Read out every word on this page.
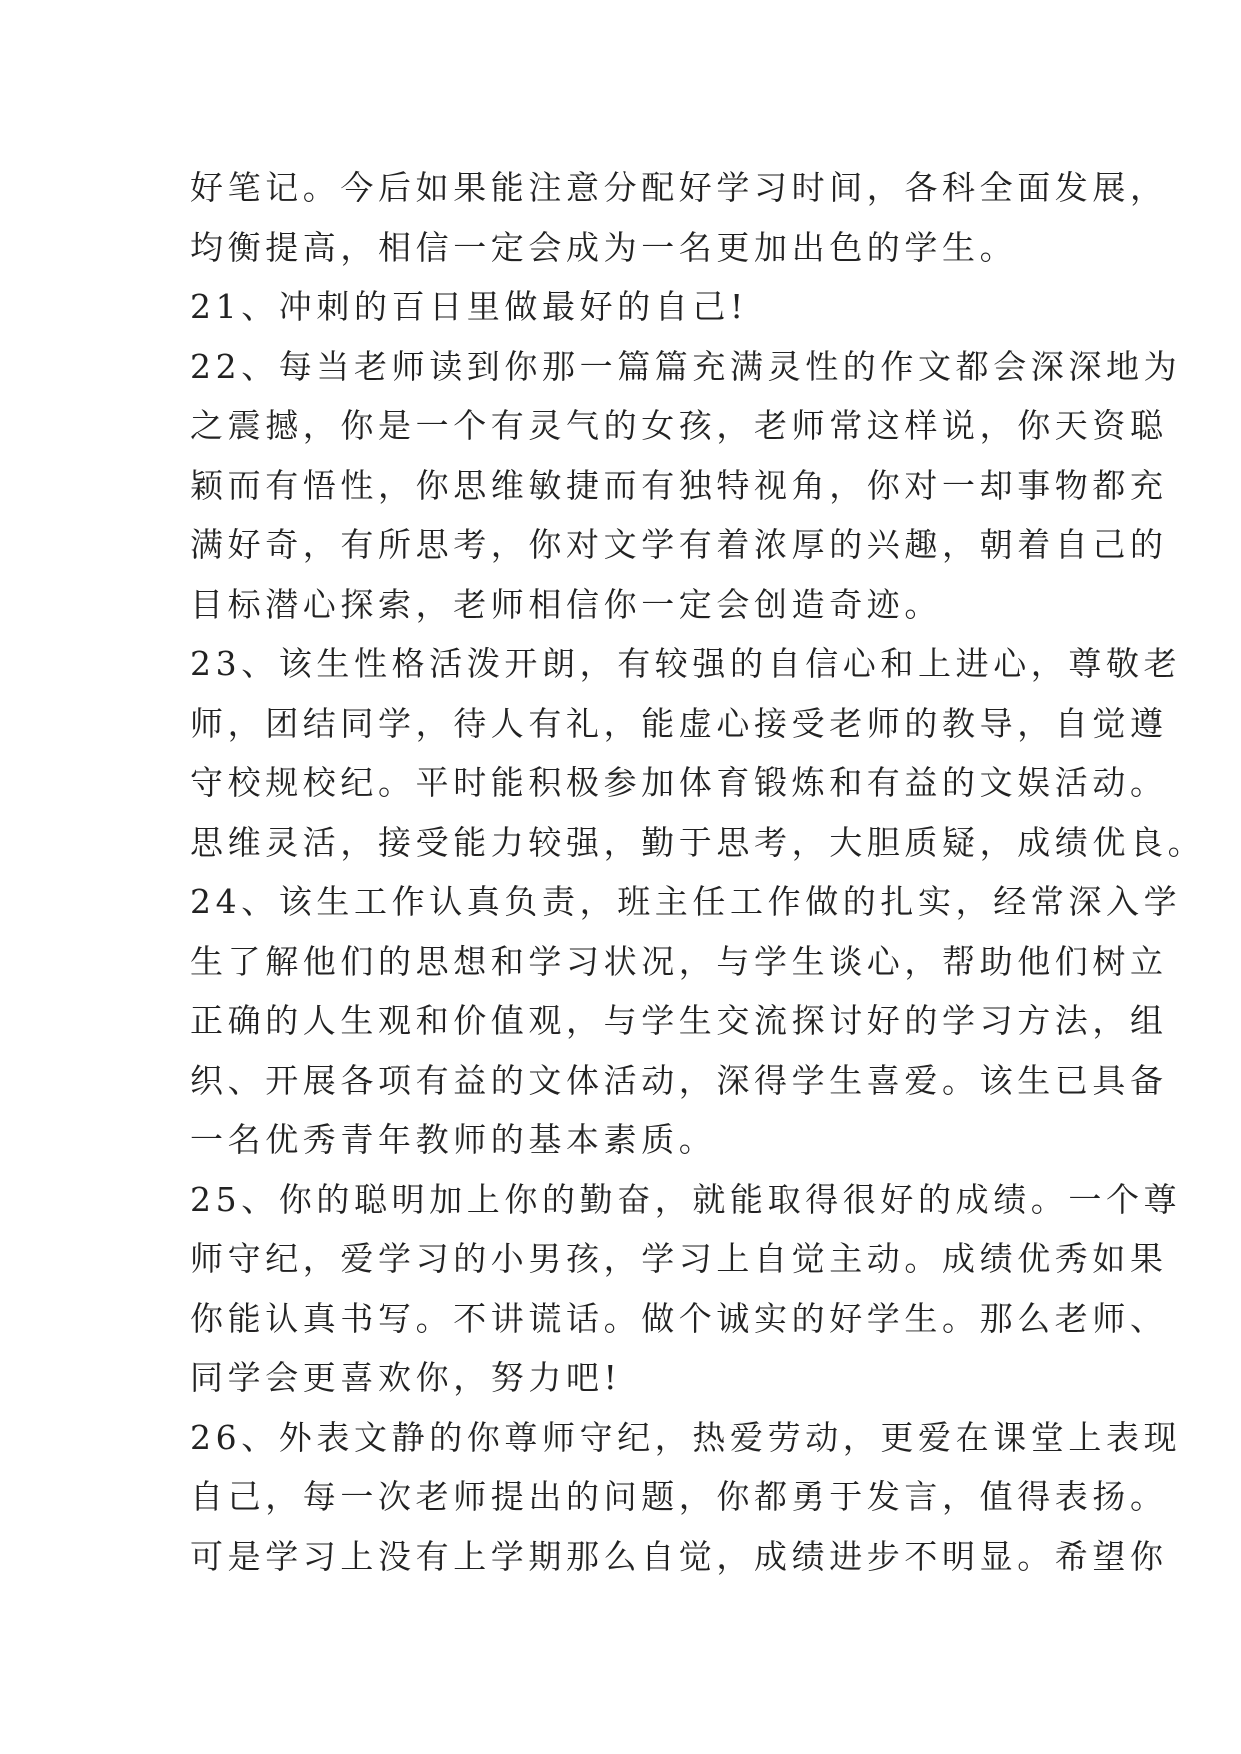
好笔记。今后如果能注意分配好学习时间，各科全面发展，
均衡提高，相信一定会成为一名更加出色的学生。
21、冲刺的百日里做最好的自己!
22、每当老师读到你那一篇篇充满灵性的作文都会深深地为
之震撼，你是一个有灵气的女孩，老师常这样说，你天资聪
颖而有悟性，你思维敏捷而有独特视角，你对一却事物都充
满好奇，有所思考，你对文学有着浓厚的兴趣，朝着自己的
目标潜心探索，老师相信你一定会创造奇迹。
23、该生性格活泼开朗，有较强的自信心和上进心，尊敬老
师，团结同学，待人有礼，能虚心接受老师的教导，自觉遵
守校规校纪。平时能积极参加体育锻炼和有益的文娱活动。
思维灵活，接受能力较强，勤于思考，大胆质疑，成绩优良。
24、该生工作认真负责，班主任工作做的扎实，经常深入学
生了解他们的思想和学习状况，与学生谈心，帮助他们树立
正确的人生观和价值观，与学生交流探讨好的学习方法，组
织、开展各项有益的文体活动，深得学生喜爱。该生已具备
一名优秀青年教师的基本素质。
25、你的聪明加上你的勤奋，就能取得很好的成绩。一个尊
师守纪，爱学习的小男孩，学习上自觉主动。成绩优秀如果
你能认真书写。不讲谎话。做个诚实的好学生。那么老师、
同学会更喜欢你，努力吧!
26、外表文静的你尊师守纪，热爱劳动，更爱在课堂上表现
自己，每一次老师提出的问题，你都勇于发言，值得表扬。
可是学习上没有上学期那么自觉，成绩进步不明显。希望你
